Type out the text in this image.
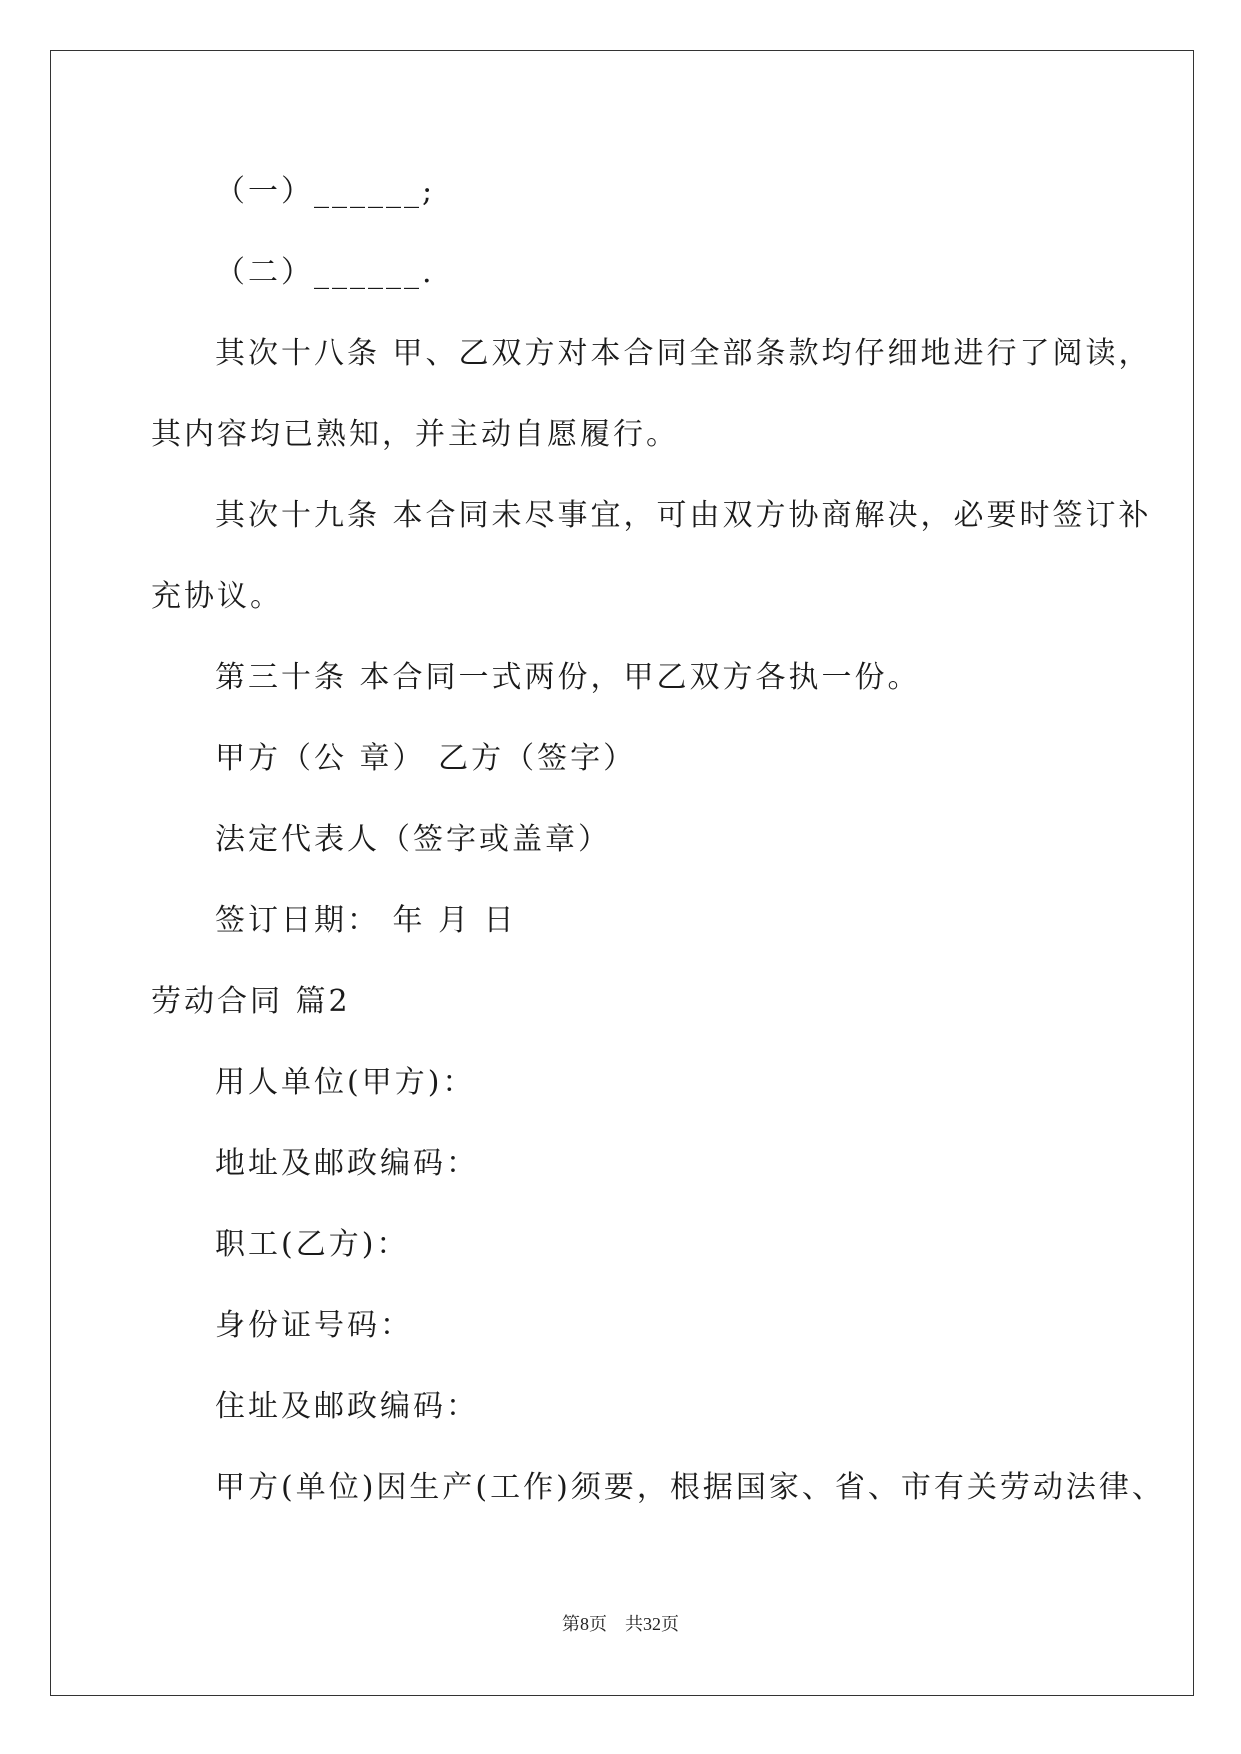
（一）______;
（二）______.
其次十八条 甲、乙双方对本合同全部条款均仔细地进行了阅读，
其内容均已熟知，并主动自愿履行。
其次十九条 本合同未尽事宜，可由双方协商解决，必要时签订补
充协议。
第三十条 本合同一式两份，甲乙双方各执一份。
甲方（公 章） 乙方（签字）
法定代表人（签字或盖章）
签订日期： 年 月 日
劳动合同 篇2
用人单位(甲方)：
地址及邮政编码：
职工(乙方)：
身份证号码：
住址及邮政编码：
甲方(单位)因生产(工作)须要，根据国家、省、市有关劳动法律、
第8页 共32页
